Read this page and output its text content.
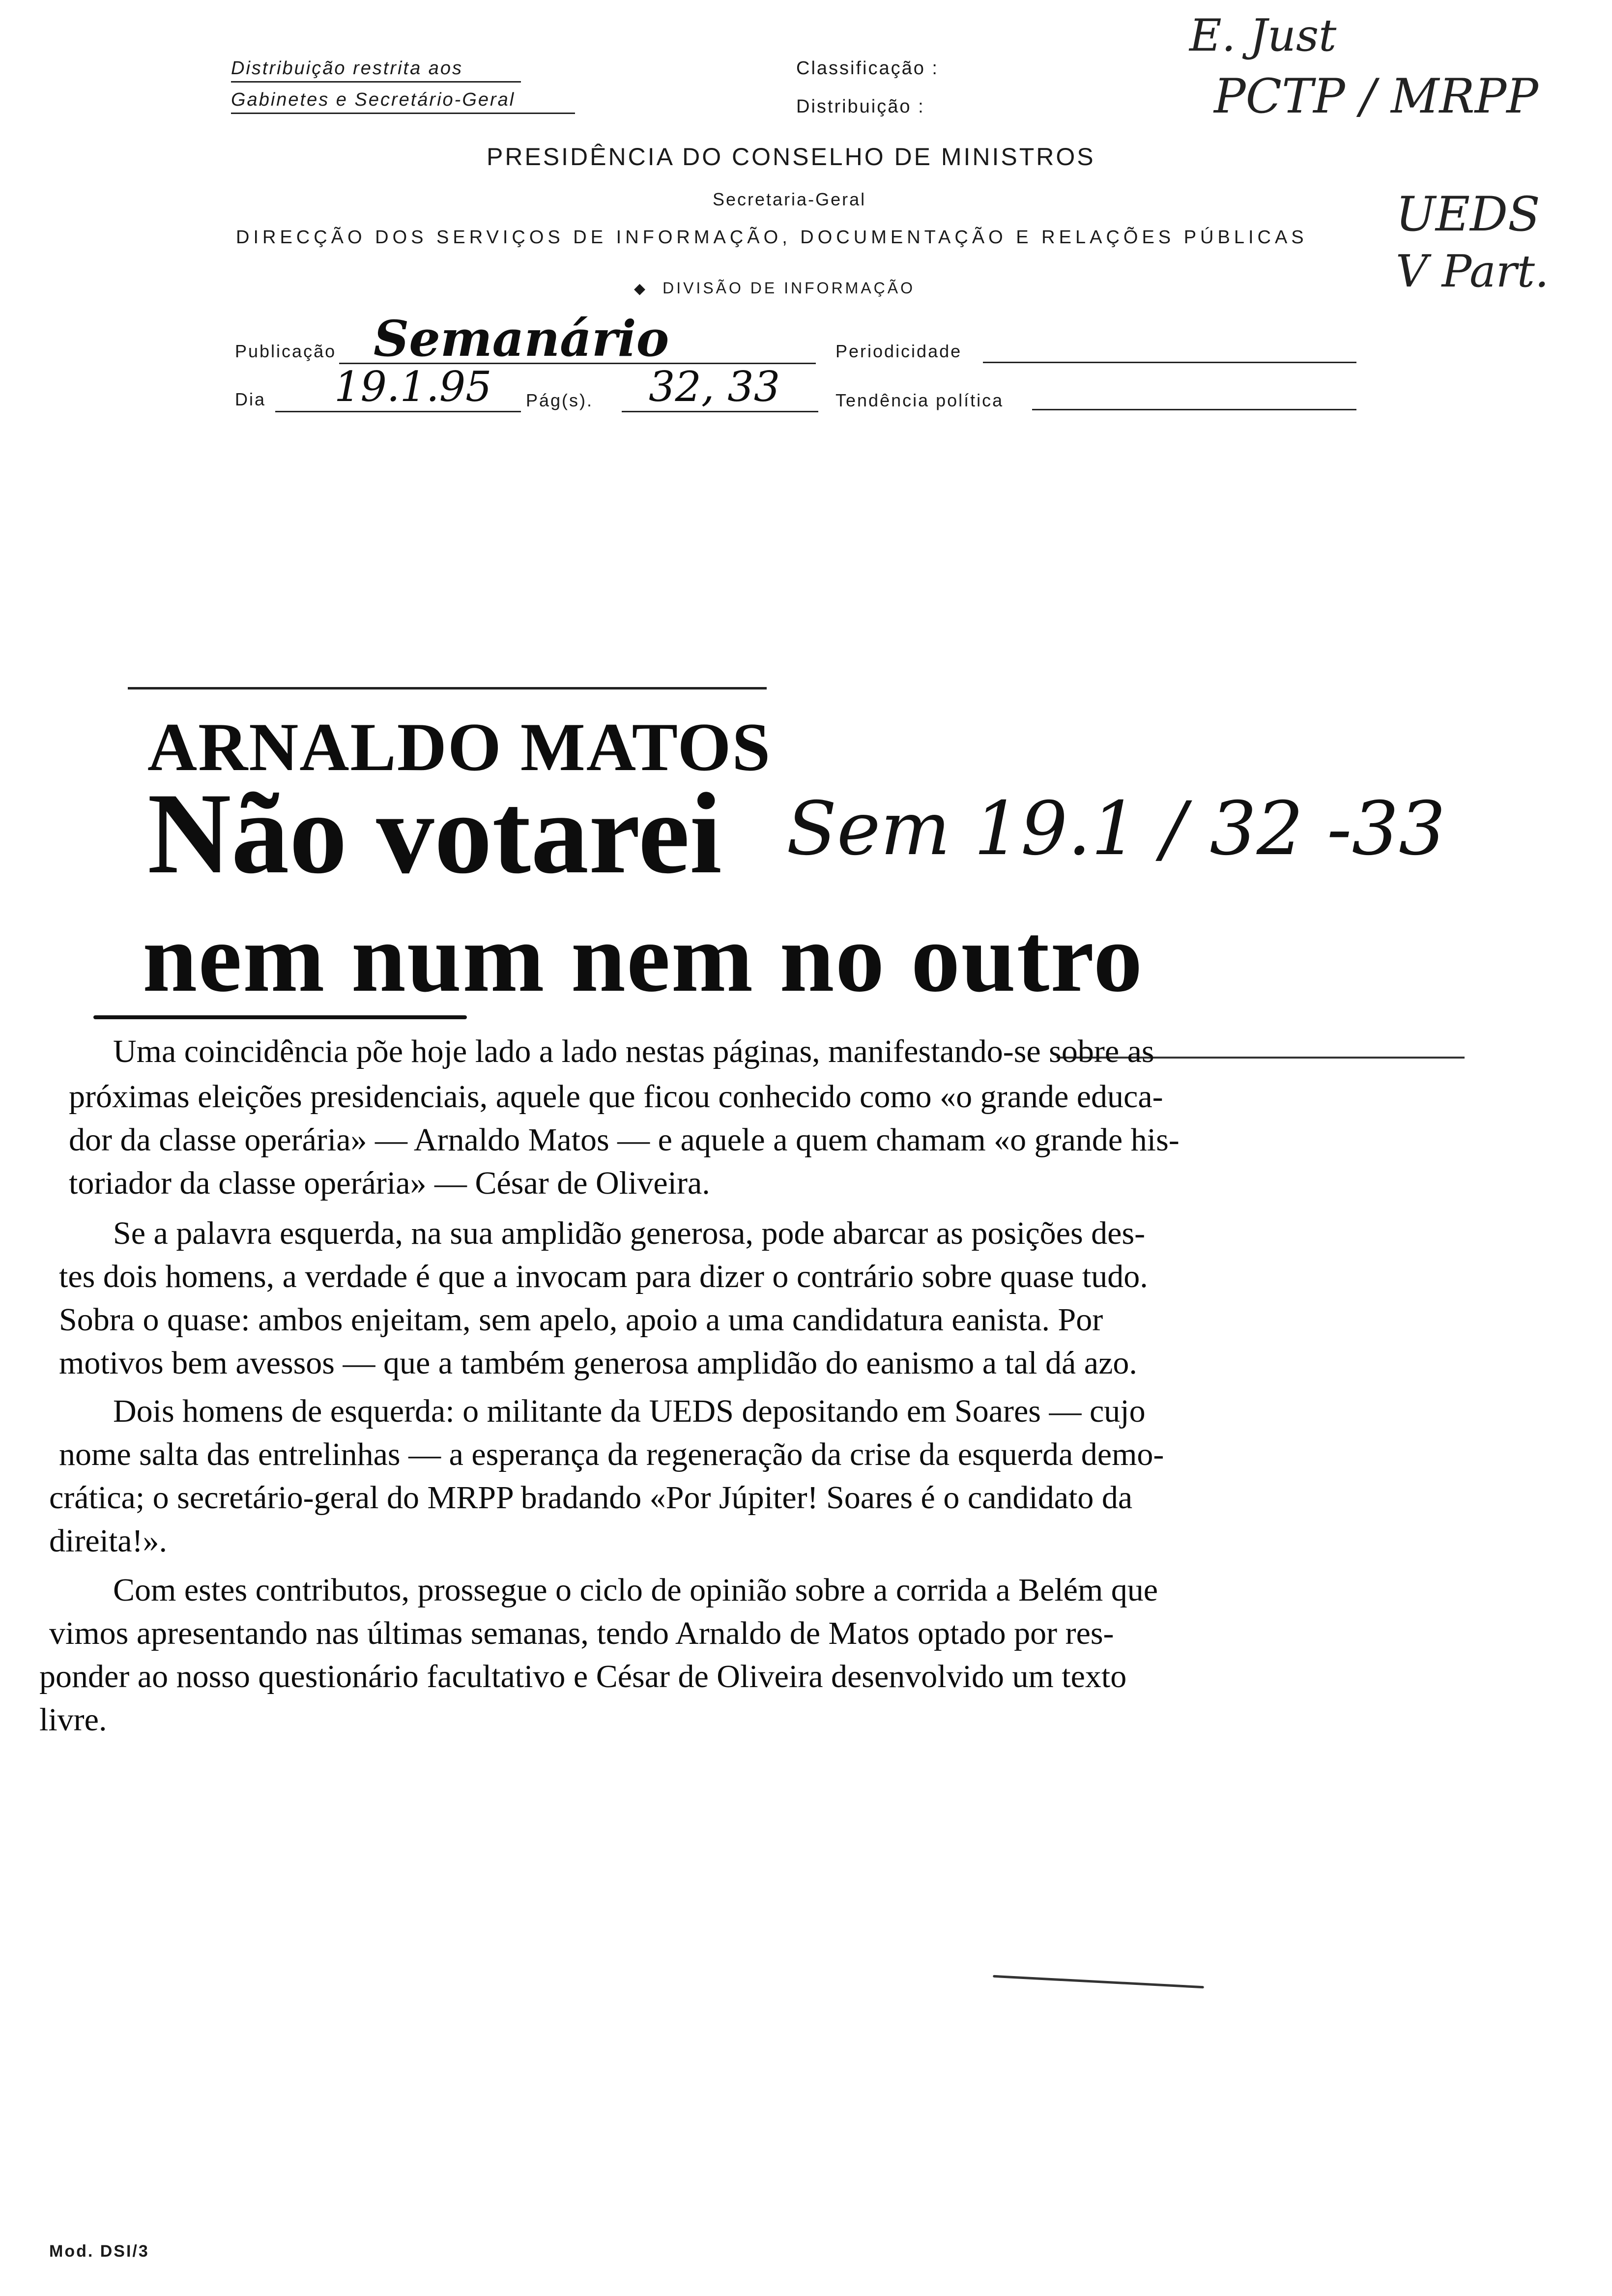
Distribuição restrita aos
Gabinetes e Secretário-Geral
Classificação :
Distribuição :
PRESIDÊNCIA DO CONSELHO DE MINISTROS
Secretaria-Geral
DIRECÇÃO DOS SERVIÇOS DE INFORMAÇÃO, DOCUMENTAÇÃO E RELAÇÕES PÚBLICAS
◆ DIVISÃO DE INFORMAÇÃO
Publicação Semanário	Periodicidade
Dia 19.1.95 Pág(s). 32, 33	Tendência política
E. Just
PCTP / MRPP
UEDS
V Part.
ARNALDO MATOS
Não votarei Sem 19.1 / 32 -33
nem num nem no outro
Uma coincidência põe hoje lado a lado nestas páginas, manifestando-se sobre as
próximas eleições presidenciais, aquele que ficou conhecido como «o grande educa-
dor da classe operária» — Arnaldo Matos — e aquele a quem chamam «o grande his-
toriador da classe operária» — César de Oliveira.
Se a palavra esquerda, na sua amplidão generosa, pode abarcar as posições des-
tes dois homens, a verdade é que a invocam para dizer o contrário sobre quase tudo.
Sobra o quase: ambos enjeitam, sem apelo, apoio a uma candidatura eanista. Por
motivos bem avessos — que a também generosa amplidão do eanismo a tal dá azo.
Dois homens de esquerda: o militante da UEDS depositando em Soares — cujo
nome salta das entrelinhas — a esperança da regeneração da crise da esquerda demo-
crática; o secretário-geral do MRPP bradando «Por Júpiter! Soares é o candidato da
direita!».
Com estes contributos, prossegue o ciclo de opinião sobre a corrida a Belém que
vimos apresentando nas últimas semanas, tendo Arnaldo de Matos optado por res-
ponder ao nosso questionário facultativo e César de Oliveira desenvolvido um texto
livre.
Mod. DSI/3
